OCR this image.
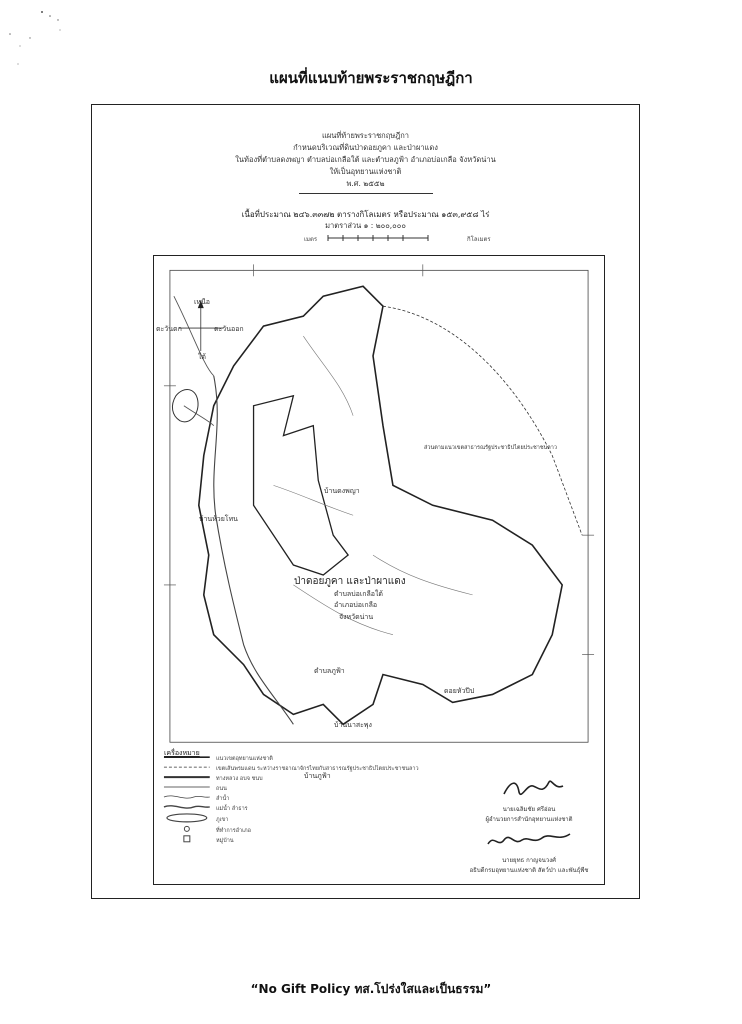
แผนที่แนบท้ายพระราชกฤษฎีกา
แผนที่ท้ายพระราชกฤษฎีกา
กำหนดบริเวณที่ดินป่าดอยภูคา และป่าผาแดง
ในท้องที่ตำบลดงพญา ตำบลบ่อเกลือใต้ และตำบลภูฟ้า อำเภอบ่อเกลือ จังหวัดน่าน
ให้เป็นอุทยานแห่งชาติ
พ.ศ. ๒๕๕๒
เนื้อที่ประมาณ ๒๔๖.๓๓๗๒ ตารางกิโลเมตร หรือประมาณ ๑๕๓,๙๕๘ ไร่
มาตราส่วน ๑ : ๒๐๐,๐๐๐
เมตร	กิโลเมตร
เหนือ
ตะวันตก	ตะวันออก
ใต้
ป่าดอยภูคา และป่าผาแดง
ตำบลบ่อเกลือใต้
อำเภอบ่อเกลือ
จังหวัดน่าน
บ้านดงพญา
บ้านห้วยโทน
บ้านภูฟ้า
ตำบลภูฟ้า
บ้านนาสะพุง
ดอยหัวปีป
ส่วนตามแนวเขตสาธารณรัฐประชาธิปไตยประชาชนลาว
เครื่องหมาย
แนวเขตอุทยานแห่งชาติ
เขตเส้นพรมแดน ระหว่างราชอาณาจักรไทยกับสาธารณรัฐประชาธิปไตยประชาชนลาว
ทางหลวง อบจ ชนบ
ถนน
ลำน้ำ
แม่น้ำ ลำธาร
ภูเขา
ที่ทำการอำเภอ
หมู่บ้าน
นายเฉลิมชัย ศรีอ่อน
ผู้อำนวยการสำนักอุทยานแห่งชาติ
นายยุทธ กาญจนวงศ์
อธิบดีกรมอุทยานแห่งชาติ สัตว์ป่า และพันธุ์พืช
“No Gift Policy ทส.โปร่งใสและเป็นธรรม”
